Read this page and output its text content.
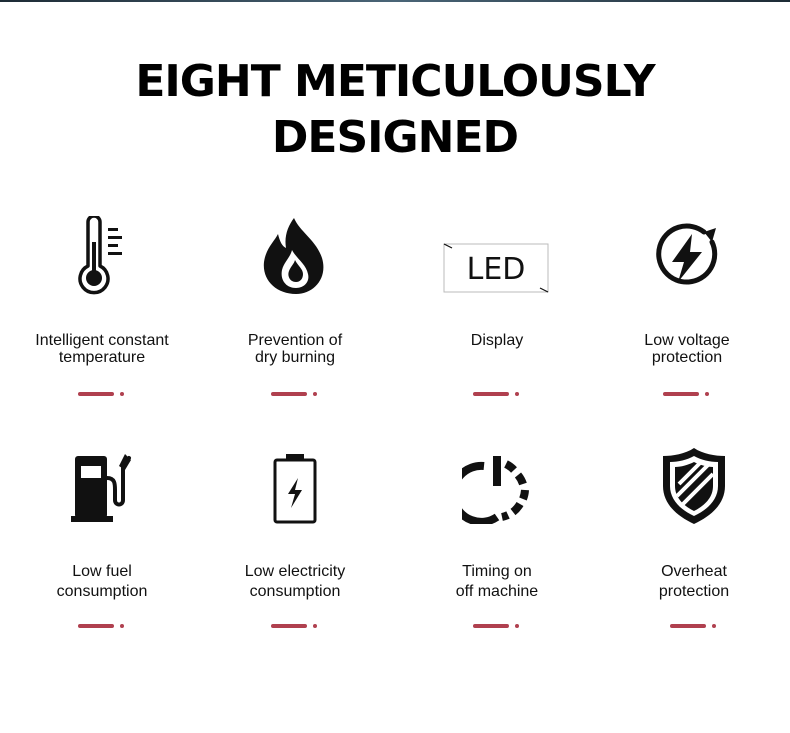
EIGHT METICULOUSLY
DESIGNED
Intelligent constant
temperature
Prevention of
dry burning
LED
Display	Low voltage
protection
Low fuel
consumption
Low electricity
consumption
Timing on
off machine
Overheat
protection
